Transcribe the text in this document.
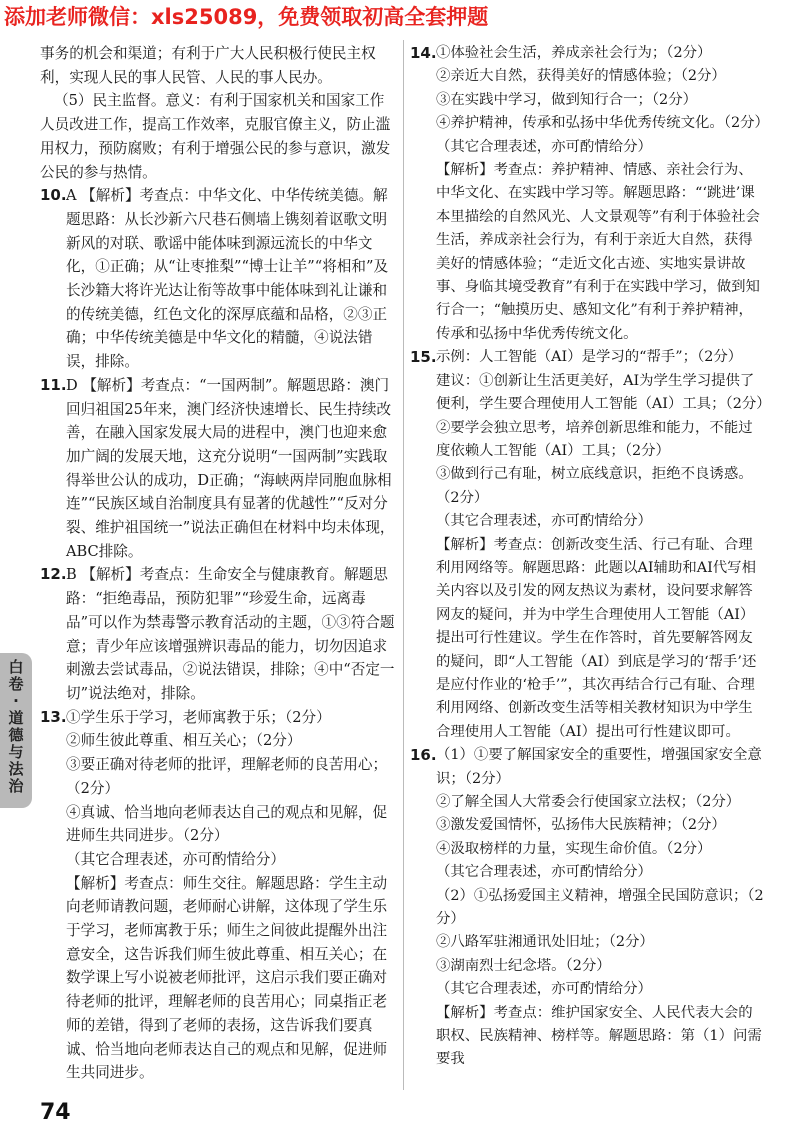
添加老师微信：xls25089，免费领取初高全套押题

事务的机会和渠道；有利于广大人民积极行使民主权利，实现人民的事人民管、人民的事人民办。

（5）民主监督。意义：有利于国家机关和国家工作人员改进工作，提高工作效率，克服官僚主义，防止滥用权力，预防腐败；有利于增强公民的参与意识，激发公民的参与热情。

10. A 【解析】考查点：中华文化、中华传统美德。解题思路：从长沙新六尺巷石侧墙上镌刻着讴歌文明新风的对联、歌谣中能体味到源远流长的中华文化，①正确；从“让枣推梨”“博士让羊”“将相和”及长沙籍大将许光达让衔等故事中能体味到礼让谦和的传统美德，红色文化的深厚底蕴和品格，②③正确；中华传统美德是中华文化的精髓，④说法错误，排除。

11. D 【解析】考查点：“一国两制”。解题思路：澳门回归祖国25年来，澳门经济快速增长、民生持续改善，在融入国家发展大局的进程中，澳门也迎来愈加广阔的发展天地，这充分说明“一国两制”实践取得举世公认的成功，D正确；“海峡两岸同胞血脉相连”“民族区域自治制度具有显著的优越性”“反对分裂、维护祖国统一”说法正确但在材料中均未体现，ABC排除。

12. B 【解析】考查点：生命安全与健康教育。解题思路：“拒绝毒品，预防犯罪”“珍爱生命，远离毒品”可以作为禁毒警示教育活动的主题，①③符合题意；青少年应该增强辨识毒品的能力，切勿因追求刺激去尝试毒品，②说法错误，排除；④中“否定一切”说法绝对，排除。

13. ①学生乐于学习，老师寓教于乐；（2分）

②师生彼此尊重、相互关心；（2分）

③要正确对待老师的批评，理解老师的良苦用心；（2分）

④真诚、恰当地向老师表达自己的观点和见解，促进师生共同进步。（2分）

（其它合理表述，亦可酌情给分）

【解析】考查点：师生交往。解题思路：学生主动向老师请教问题，老师耐心讲解，这体现了学生乐于学习，老师寓教于乐；师生之间彼此提醒外出注意安全，这告诉我们师生彼此尊重、相互关心；在数学课上写小说被老师批评，这启示我们要正确对待老师的批评，理解老师的良苦用心；同桌指正老师的差错，得到了老师的表扬，这告诉我们要真诚、恰当地向老师表达自己的观点和见解，促进师生共同进步。

14. ①体验社会生活，养成亲社会行为；（2分）

②亲近大自然，获得美好的情感体验；（2分）

③在实践中学习，做到知行合一；（2分）

④养护精神，传承和弘扬中华优秀传统文化。（2分）

（其它合理表述，亦可酌情给分）

【解析】考查点：养护精神、情感、亲社会行为、中华文化、在实践中学习等。解题思路：“‘跳进’课本里描绘的自然风光、人文景观等”有利于体验社会生活，养成亲社会行为，有利于亲近大自然，获得美好的情感体验；“走近文化古迹、实地实景讲故事、身临其境受教育”有利于在实践中学习，做到知行合一；“触摸历史、感知文化”有利于养护精神，传承和弘扬中华优秀传统文化。

15. 示例：人工智能（AI）是学习的“帮手”；（2分）

建议：①创新让生活更美好，AI为学生学习提供了便利，学生要合理使用人工智能（AI）工具；（2分）

②要学会独立思考，培养创新思维和能力，不能过度依赖人工智能（AI）工具；（2分）

③做到行己有耻，树立底线意识，拒绝不良诱惑。（2分）

（其它合理表述，亦可酌情给分）

【解析】考查点：创新改变生活、行己有耻、合理利用网络等。解题思路：此题以AI辅助和AI代写相关内容以及引发的网友热议为素材，设问要求解答网友的疑问，并为中学生合理使用人工智能（AI）提出可行性建议。学生在作答时，首先要解答网友的疑问，即“人工智能（AI）到底是学习的‘帮手’还是应付作业的‘枪手’”，其次再结合行己有耻、合理利用网络、创新改变生活等相关教材知识为中学生合理使用人工智能（AI）提出可行性建议即可。

16. （1）①要了解国家安全的重要性，增强国家安全意识；（2分）

②了解全国人大常委会行使国家立法权；（2分）

③激发爱国情怀，弘扬伟大民族精神；（2分）

④汲取榜样的力量，实现生命价值。（2分）

（其它合理表述，亦可酌情给分）

（2）①弘扬爱国主义精神，增强全民国防意识；（2分）

②八路军驻湘通讯处旧址；（2分）

③湖南烈士纪念塔。（2分）

（其它合理表述，亦可酌情给分）

【解析】考查点：维护国家安全、人民代表大会的职权、民族精神、榜样等。解题思路：第（1）问需要我

白
卷
·
道
德
与
法
治
74
